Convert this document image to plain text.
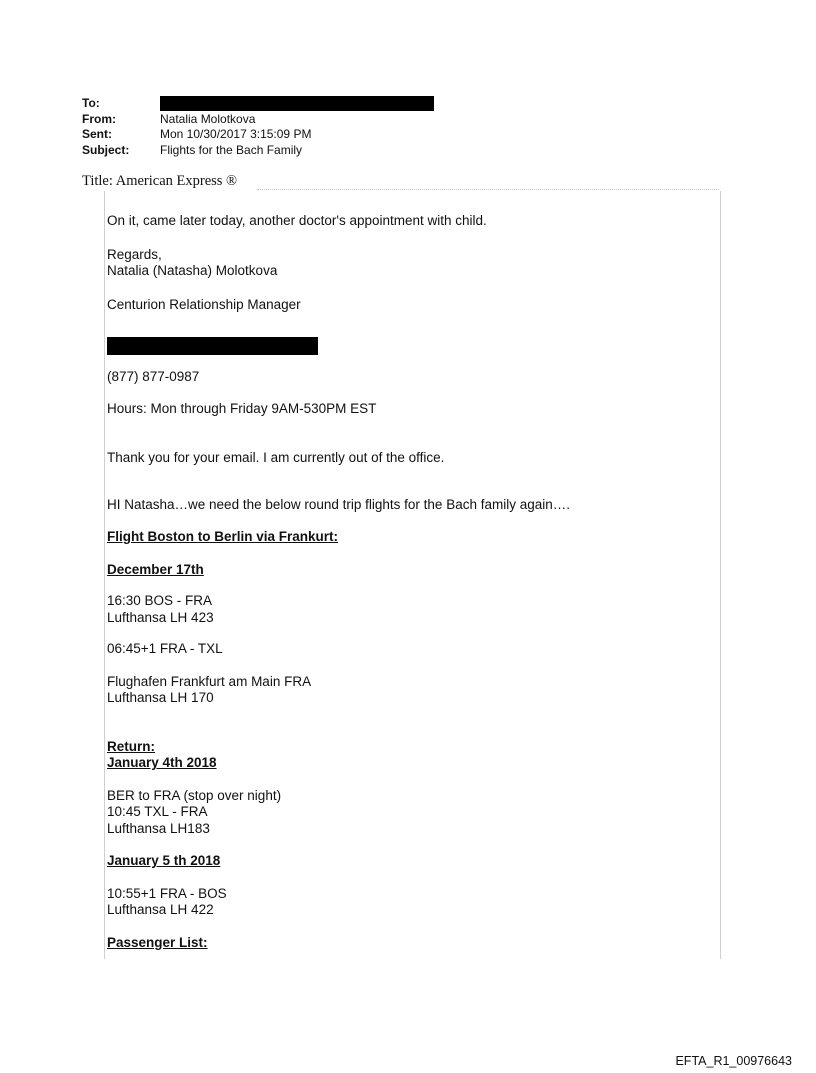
To:
From:	Natalia Molotkova
Sent:	Mon 10/30/2017 3:15:09 PM
Subject:	Flights for the Bach Family
Title: American Express ®

On it, came later today, another doctor's appointment with child.

Regards,

Natalia (Natasha) Molotkova

Centurion Relationship Manager

(877) 877-0987

Hours: Mon through Friday 9AM-530PM EST

Thank you for your email. I am currently out of the office.

HI Natasha…we need the below round trip flights for the Bach family again….

Flight Boston to Berlin via Frankurt:

December 17th

16:30 BOS - FRA

Lufthansa LH 423

06:45+1 FRA - TXL

Flughafen Frankfurt am Main FRA

Lufthansa LH 170

Return:

January 4th 2018

BER to FRA (stop over night)

10:45 TXL - FRA

Lufthansa LH183

January 5 th 2018

10:55+1 FRA - BOS

Lufthansa LH 422

Passenger List:

EFTA_R1_00976643
